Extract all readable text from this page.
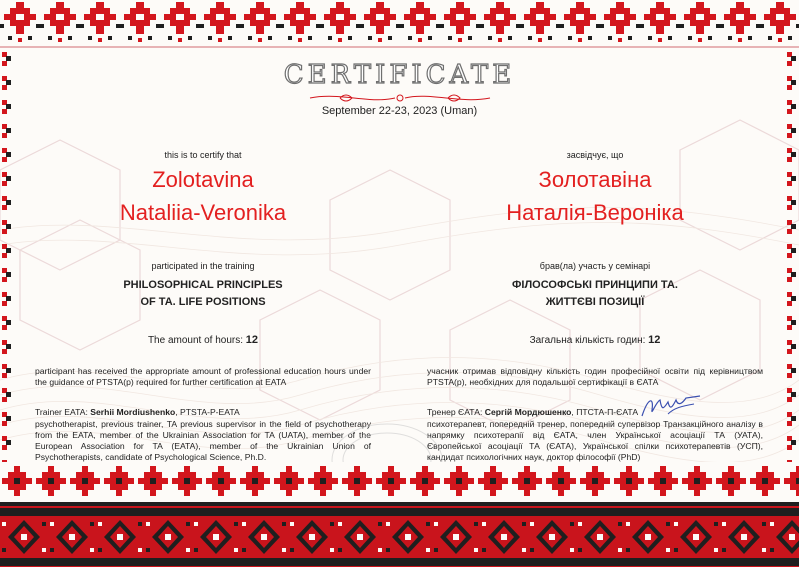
CERTIFICATE
September 22-23, 2023 (Uman)
this is to certify that
Zolotavina
Nataliia-Veronika
participated in the training
PHILOSOPHICAL PRINCIPLES
OF TA. LIFE POSITIONS
The amount of hours: 12
participant has received the appropriate amount of professional education hours under the guidance of PTSTA(p) required for further certification at EATA
Trainer EATA: Serhii Mordiushenko, PTSTA-P-EATA
psychotherapist, previous trainer, TA previous supervisor in the field of psychotherapy from the EATA, member of the Ukrainian Association for TA (UATA), member of the European Association for TA (EATA), member of the Ukrainian Union of Psychotherapists, candidate of Psychological Science, Ph.D.
засвідчує, що
Золотавіна
Наталія-Вероніка
брав(ла) участь у семінарі
ФІЛОСОФСЬКІ ПРИНЦИПИ ТА.
ЖИТТЄВІ ПОЗИЦІЇ
Загальна кількість годин: 12
учасник отримав відповідну кількість годин професійної освіти під керівництвом PTSTA(p), необхідних для подальшої сертифікації в ЄАТА
Тренер ЄАТА: Сергій Мордюшенко, ПТСТА-П-ЄАТА
психотерапевт, попередній тренер, попередній супервізор Транзакційного аналізу в напрямку психотерапії від ЄАТА, член Української асоціації ТА (УАТА), Європейської асоціації ТА (ЄАТА), Української спілки психотерапевтів (УСП), кандидат психологічних наук, доктор філософії (PhD)
